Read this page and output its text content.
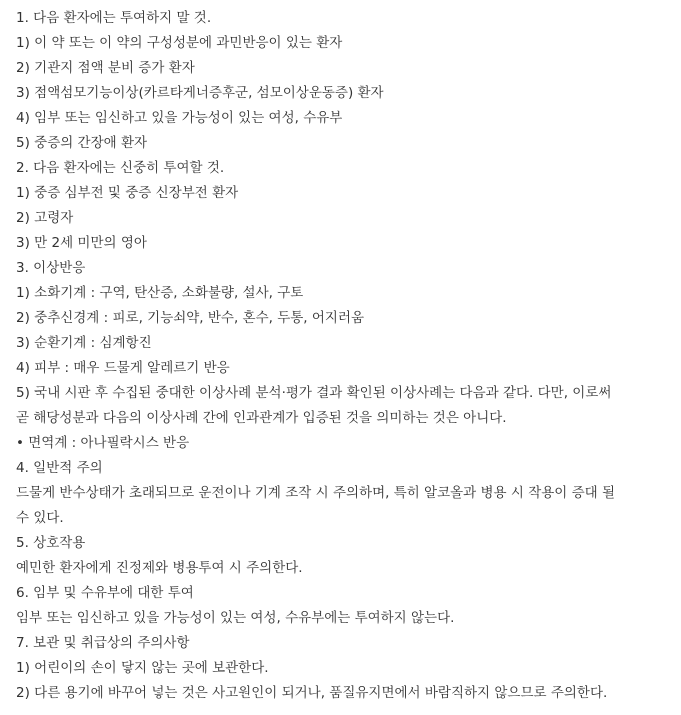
1. 다음 환자에는 투여하지 말 것.
1) 이 약 또는 이 약의 구성성분에 과민반응이 있는 환자
2) 기관지 점액 분비 증가 환자
3) 점액섬모기능이상(카르타게너증후군, 섬모이상운동증) 환자
4) 임부 또는 임신하고 있을 가능성이 있는 여성, 수유부
5) 중증의 간장애 환자
2. 다음 환자에는 신중히 투여할 것.
1) 중증 심부전 및 중증 신장부전 환자
2) 고령자
3) 만 2세 미만의 영아
3. 이상반응
1) 소화기계 : 구역, 탄산증, 소화불량, 설사, 구토
2) 중추신경계 : 피로, 기능쇠약, 반수, 혼수, 두통, 어지러움
3) 순환기계 : 심계항진
4) 피부 : 매우 드물게 알레르기 반응
5) 국내 시판 후 수집된 중대한 이상사례 분석·평가 결과 확인된 이상사례는 다음과 같다. 다만, 이로써
곧 해당성분과 다음의 이상사례 간에 인과관계가 입증된 것을 의미하는 것은 아니다.
• 면역계 : 아나필락시스 반응
4. 일반적 주의
드물게 반수상태가 초래되므로 운전이나 기계 조작 시 주의하며, 특히 알코올과 병용 시 작용이 증대 될
수 있다.
5. 상호작용
예민한 환자에게 진정제와 병용투여 시 주의한다.
6. 임부 및 수유부에 대한 투여
임부 또는 임신하고 있을 가능성이 있는 여성, 수유부에는 투여하지 않는다.
7. 보관 및 취급상의 주의사항
1) 어린이의 손이 닿지 않는 곳에 보관한다.
2) 다른 용기에 바꾸어 넣는 것은 사고원인이 되거나, 품질유지면에서 바람직하지 않으므로 주의한다.
